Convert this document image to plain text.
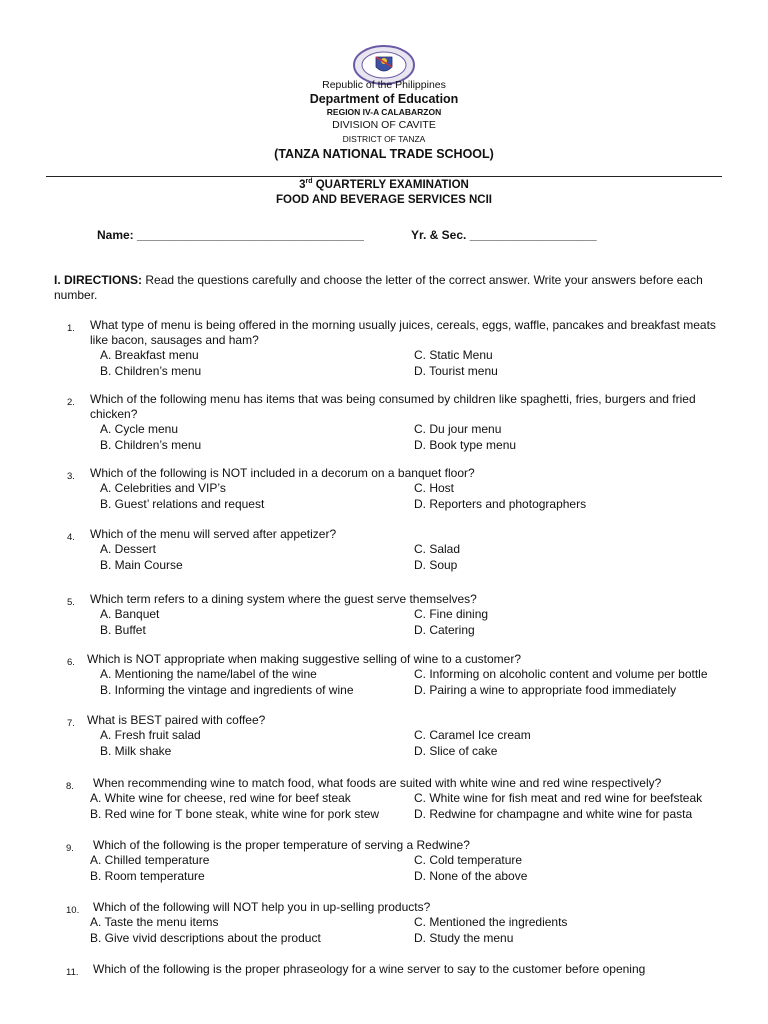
Republic of the Philippines
Department of Education
REGION IV-A CALABARZON
DIVISION OF CAVITE
DISTRICT OF TANZA
(TANZA NATIONAL TRADE SCHOOL)
3rd QUARTERLY EXAMINATION
FOOD AND BEVERAGE SERVICES NCII
Name: __________________________________	Yr. & Sec. ___________________
I. DIRECTIONS: Read the questions carefully and choose the letter of the correct answer. Write your answers before each number.
1. What type of menu is being offered in the morning usually juices, cereals, eggs, waffle, pancakes and breakfast meats like bacon, sausages and ham?
A. Breakfast menu
B. Children’s menu
C. Static Menu
D. Tourist menu
2. Which of the following menu has items that was being consumed by children like spaghetti, fries, burgers and fried chicken?
A. Cycle menu
B. Children’s menu
C. Du jour menu
D. Book type menu
3. Which of the following is NOT included in a decorum on a banquet floor?
A. Celebrities and VIP’s
B. Guest’ relations and request
C. Host
D. Reporters and photographers
4. Which of the menu will served after appetizer?
A. Dessert
B. Main Course
C. Salad
D. Soup
5. Which term refers to a dining system where the guest serve themselves?
A. Banquet
B. Buffet
C. Fine dining
D. Catering
6. Which is NOT appropriate when making suggestive selling of wine to a customer?
A. Mentioning the name/label of the wine
B. Informing the vintage and ingredients of wine
C. Informing on alcoholic content and volume per bottle
D. Pairing a wine to appropriate food immediately
7. What is BEST paired with coffee?
A. Fresh fruit salad
B. Milk shake
C. Caramel Ice cream
D. Slice of cake
8. When recommending wine to match food, what foods are suited with white wine and red wine respectively?
A. White wine for cheese, red wine for beef steak
B. Red wine for T bone steak, white wine for pork stew
C. White wine for fish meat and red wine for beefsteak
D. Redwine for champagne and white wine for pasta
9. Which of the following is the proper temperature of serving a Redwine?
A. Chilled temperature
B. Room temperature
C. Cold temperature
D. None of the above
10. Which of the following will NOT help you in up-selling products?
A. Taste the menu items
B. Give vivid descriptions about the product
C. Mentioned the ingredients
D. Study the menu
11. Which of the following is the proper phraseology for a wine server to say to the customer before opening
